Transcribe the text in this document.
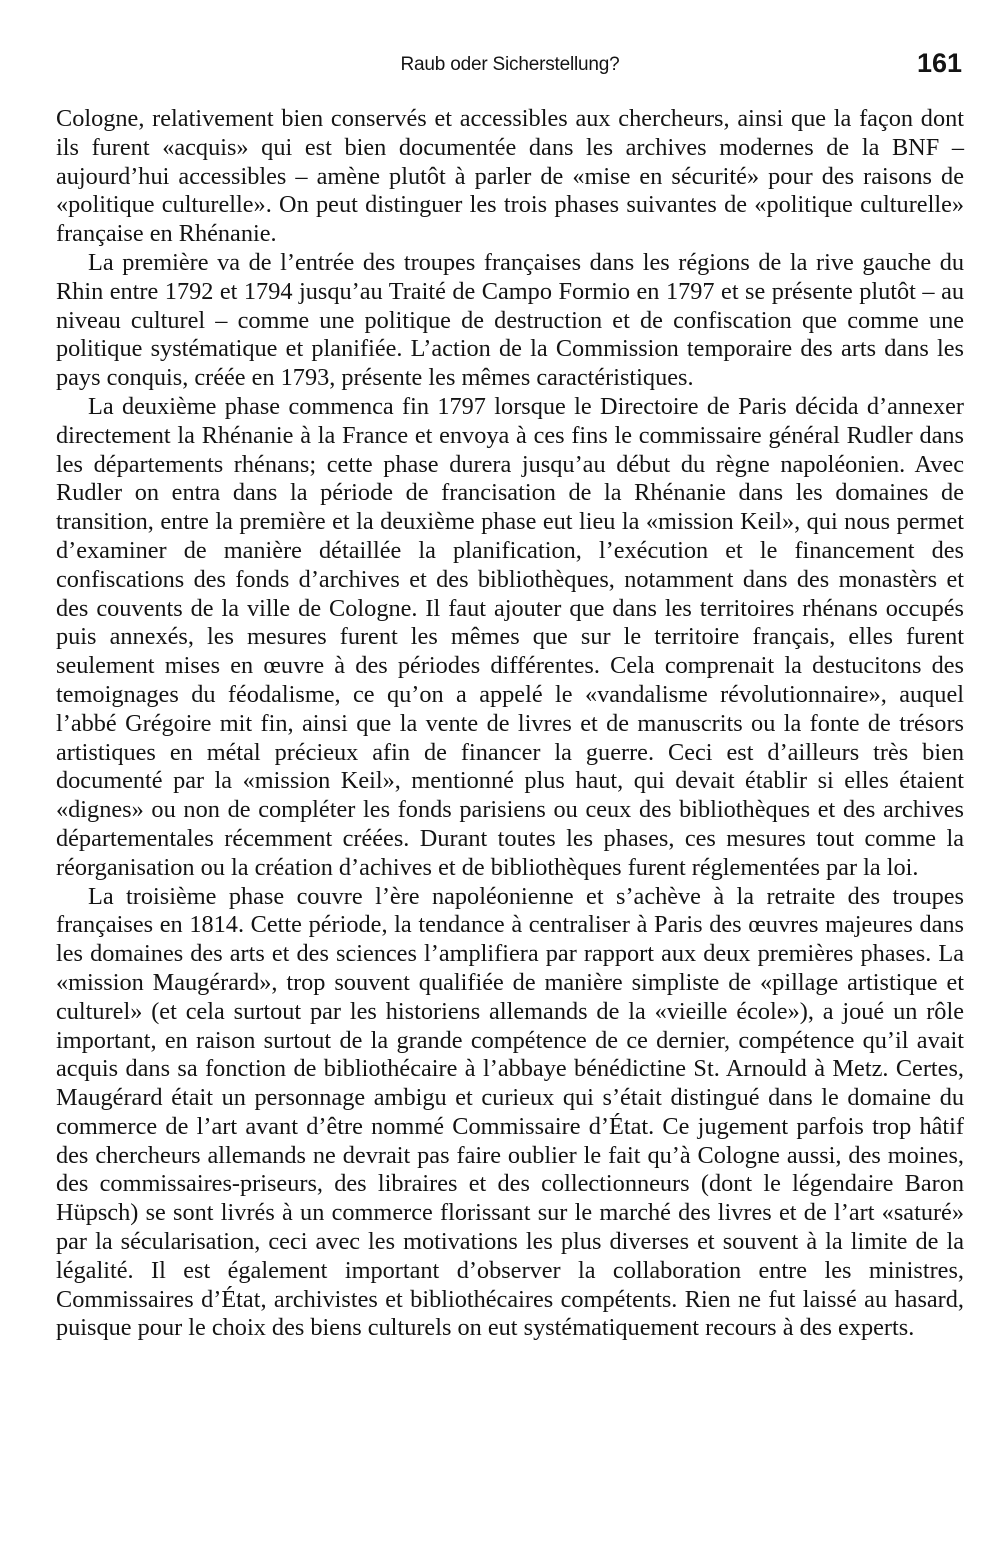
Raub oder Sicherstellung?	161

Cologne, relativement bien conservés et accessibles aux chercheurs, ainsi que la façon dont ils furent «acquis» qui est bien documentée dans les archives modernes de la BNF – aujourd’hui accessibles – amène plutôt à parler de «mise en sécurité» pour des raisons de «politique culturelle». On peut distinguer les trois phases suivantes de «politique culturelle» française en Rhénanie.

La première va de l’entrée des troupes françaises dans les régions de la rive gauche du Rhin entre 1792 et 1794 jusqu’au Traité de Campo Formio en 1797 et se présente plutôt – au niveau culturel – comme une politique de destruction et de confiscation que comme une politique systématique et planifiée. L’action de la Commission temporaire des arts dans les pays conquis, créée en 1793, présente les mêmes caractéristiques.

La deuxième phase commenca fin 1797 lorsque le Directoire de Paris décida d’annexer directement la Rhénanie à la France et envoya à ces fins le commissaire général Rudler dans les départements rhénans; cette phase durera jusqu’au début du règne napoléonien. Avec Rudler on entra dans la période de francisation de la Rhénanie dans les domaines de transition, entre la première et la deuxième phase eut lieu la «mission Keil», qui nous permet d’examiner de manière détaillée la planification, l’exécution et le financement des confiscations des fonds d’archives et des bibliothèques, notamment dans des monastèrs et des couvents de la ville de Cologne. Il faut ajouter que dans les territoires rhénans occupés puis annexés, les mesures furent les mêmes que sur le territoire français, elles furent seulement mises en œuvre à des périodes différentes. Cela comprenait la destucitons des temoignages du féodalisme, ce qu’on a appelé le «vandalisme révolutionnaire», auquel l’abbé Grégoire mit fin, ainsi que la vente de livres et de manuscrits ou la fonte de trésors artistiques en métal précieux afin de financer la guerre. Ceci est d’ailleurs très bien documenté par la «mission Keil», mentionné plus haut, qui devait établir si elles étaient «dignes» ou non de compléter les fonds parisiens ou ceux des bibliothèques et des archives départementales récemment créées. Durant toutes les phases, ces mesures tout comme la réorganisation ou la création d’achives et de bibliothèques furent réglementées par la loi.

La troisième phase couvre l’ère napoléonienne et s’achève à la retraite des troupes françaises en 1814. Cette période, la tendance à centraliser à Paris des œuvres majeures dans les domaines des arts et des sciences l’amplifiera par rapport aux deux premières phases. La «mission Maugérard», trop souvent qualifiée de manière simpliste de «pillage artistique et culturel» (et cela surtout par les historiens allemands de la «vieille école»), a joué un rôle important, en raison surtout de la grande compétence de ce dernier, compétence qu’il avait acquis dans sa fonction de bibliothécaire à l’abbaye bénédictine St. Arnould à Metz. Certes, Maugérard était un personnage ambigu et curieux qui s’était distingué dans le domaine du commerce de l’art avant d’être nommé Commissaire d’État. Ce jugement parfois trop hâtif des chercheurs allemands ne devrait pas faire oublier le fait qu’à Cologne aussi, des moines, des commissaires-priseurs, des libraires et des collectionneurs (dont le légendaire Baron Hüpsch) se sont livrés à un commerce florissant sur le marché des livres et de l’art «saturé» par la sécularisation, ceci avec les motivations les plus diverses et souvent à la limite de la légalité. Il est également important d’observer la collaboration entre les ministres, Commissaires d’État, archivistes et bibliothécaires compétents. Rien ne fut laissé au hasard, puisque pour le choix des biens culturels on eut systématiquement recours à des experts.
